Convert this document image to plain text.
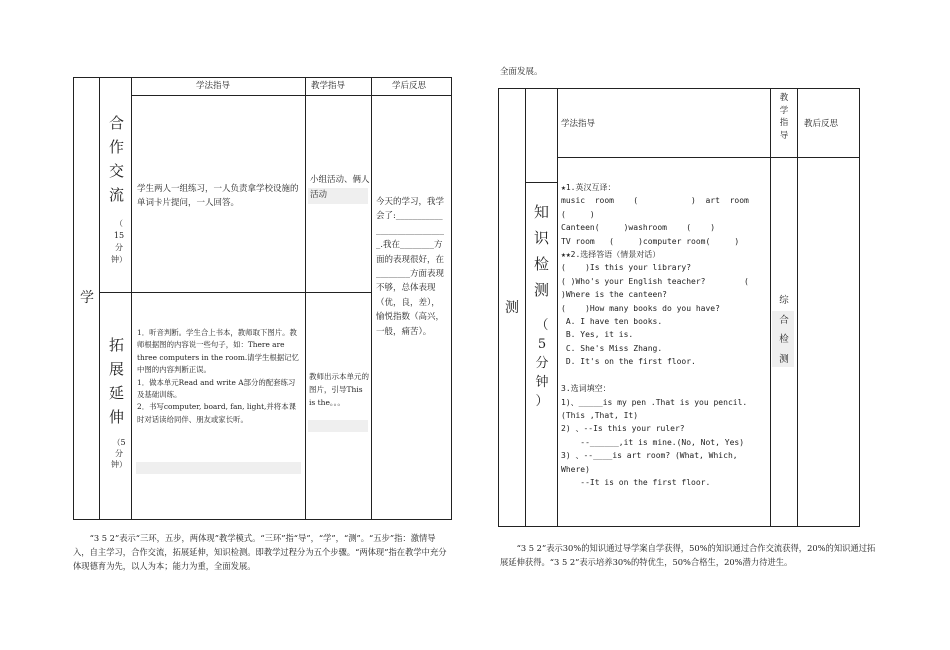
学
学法指导	教学指导	学后反思
合作交流
（
15
分
钟）
学生两人一组练习，一人负责拿学校设施的单词卡片提问，一人回答。
小组活动、俩人活动
今天的学习，我学会了:____________________________.我在________方面的表现很好，在________方面表现不够，总体表现（优，良，差），愉悦指数（高兴，一般，痛苦）。
拓展延伸
（5
分
钟）
1．听音判断。学生合上书本，教师取下图片。教师根据图的内容说一些句子，如：There are three computers in the room.请学生根据记忆中图的内容判断正误。
1．做本单元Read and write A部分的配套练习及基础训练。
2．书写computer, board, fan, light,并将本课时对话读给同伴、朋友或家长听。
教师出示本单元的图片，引导This is the。。。
“3 5 2”表示“三环，五步，两体现”教学模式。“三环”指“导”，“学”，“测”。“五步”指：激情导入，自主学习，合作交流，拓展延伸，知识检测。即教学过程分为五个步骤。“两体现”指在教学中充分体现德育为先，以人为本；能力为重，全面发展。
全面发展。
测
学法指导
教
学
指
导
教后反思
知识检测
（
5
分
钟
）
★1.英汉互译：
music  room    (           )  art  room
(     )
Canteen(     )washroom    (    )
TV room   (     )computer room(     )
★★2.选择答语（情景对话）
(    )Is this your library?
( )Who's your English teacher?        (
)Where is the canteen?
(    )How many books do you have?
A. I have ten books.
B. Yes, it is.
C. She's Miss Zhang.
D. It's on the first floor.

3.选词填空：
1)、_____is my pen .That is you pencil.
(This ,That, It)
2) 、--Is this your ruler?
--______,it is mine.(No, Not, Yes)
3) 、--____is art room? (What, Which,
Where)
--It is on the first floor.
综
合
检
测
“3 5 2”表示30%的知识通过导学案自学获得，50%的知识通过合作交流获得，20%的知识通过拓展延伸获得。“3 5 2”表示培养30%的特优生，50%合格生，20%潜力待进生。
